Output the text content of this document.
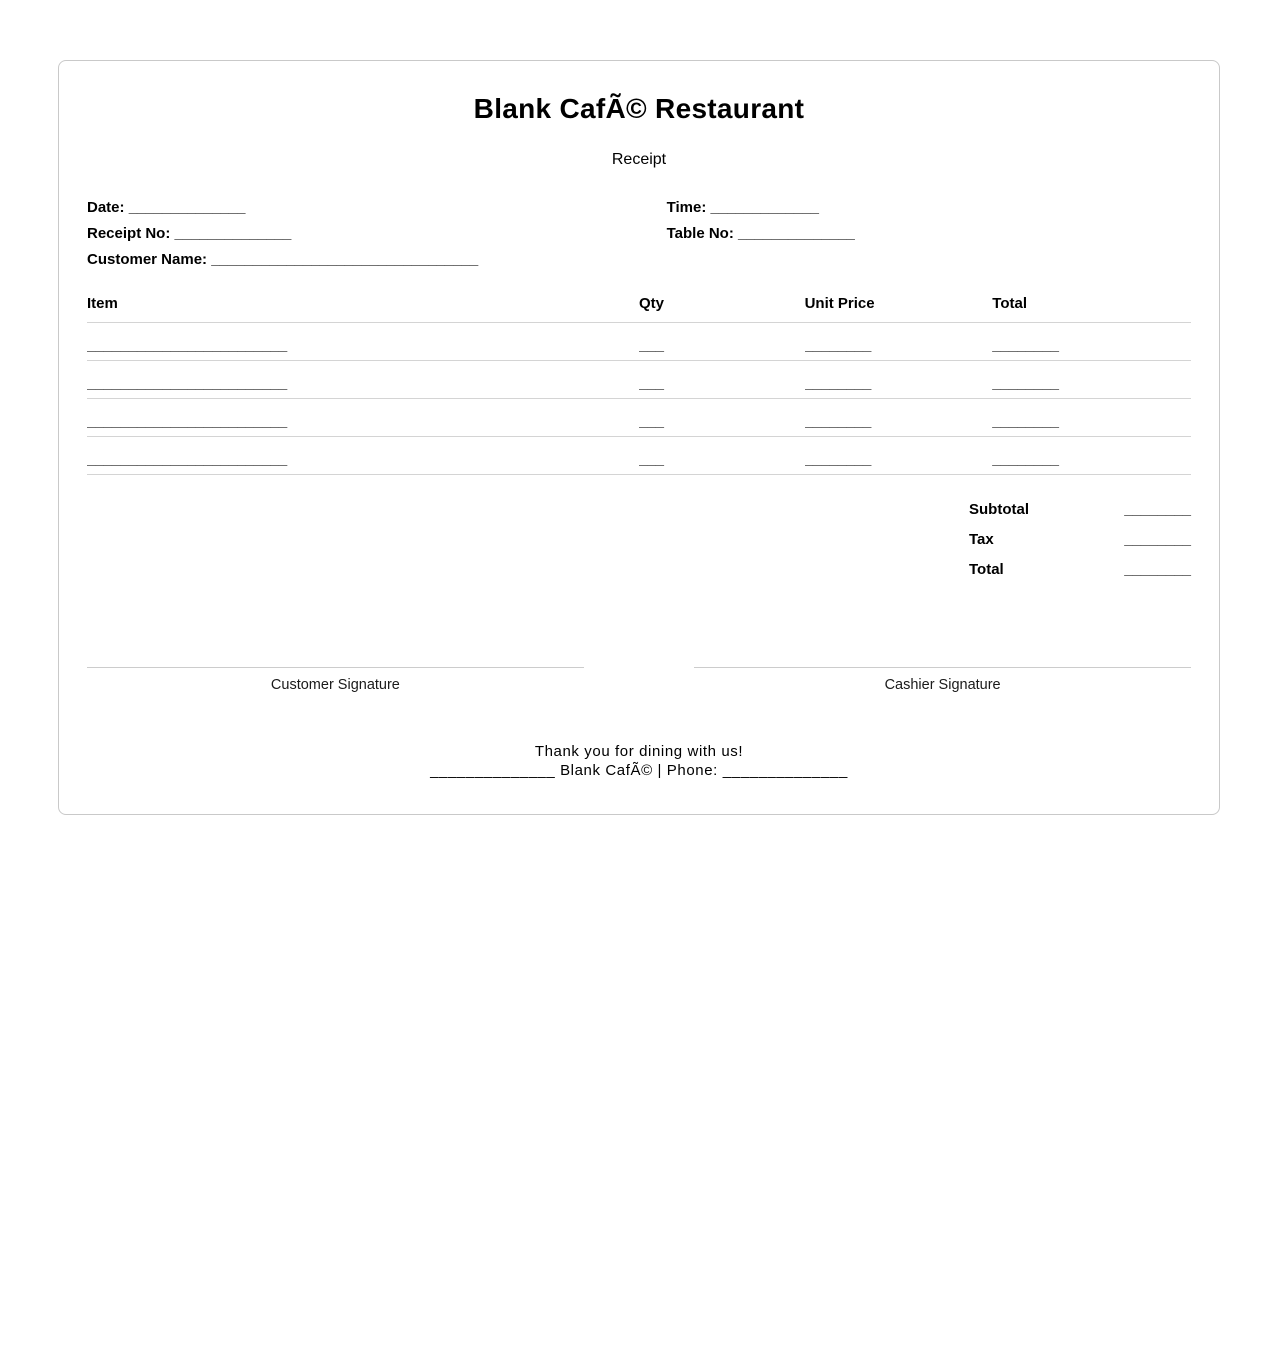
Blank CafÃ© Restaurant
Receipt
Date: ______________	Time: _____________
Receipt No: ______________	Table No: ______________
Customer Name: ________________________________
Item	Qty	Unit Price	Total
________________________	___	________	________
________________________	___	________	________
________________________	___	________	________
________________________	___	________	________
Subtotal	________
Tax	________
Total	________
Customer Signature	Cashier Signature
Thank you for dining with us!
______________ Blank CafÃ© | Phone: ______________
